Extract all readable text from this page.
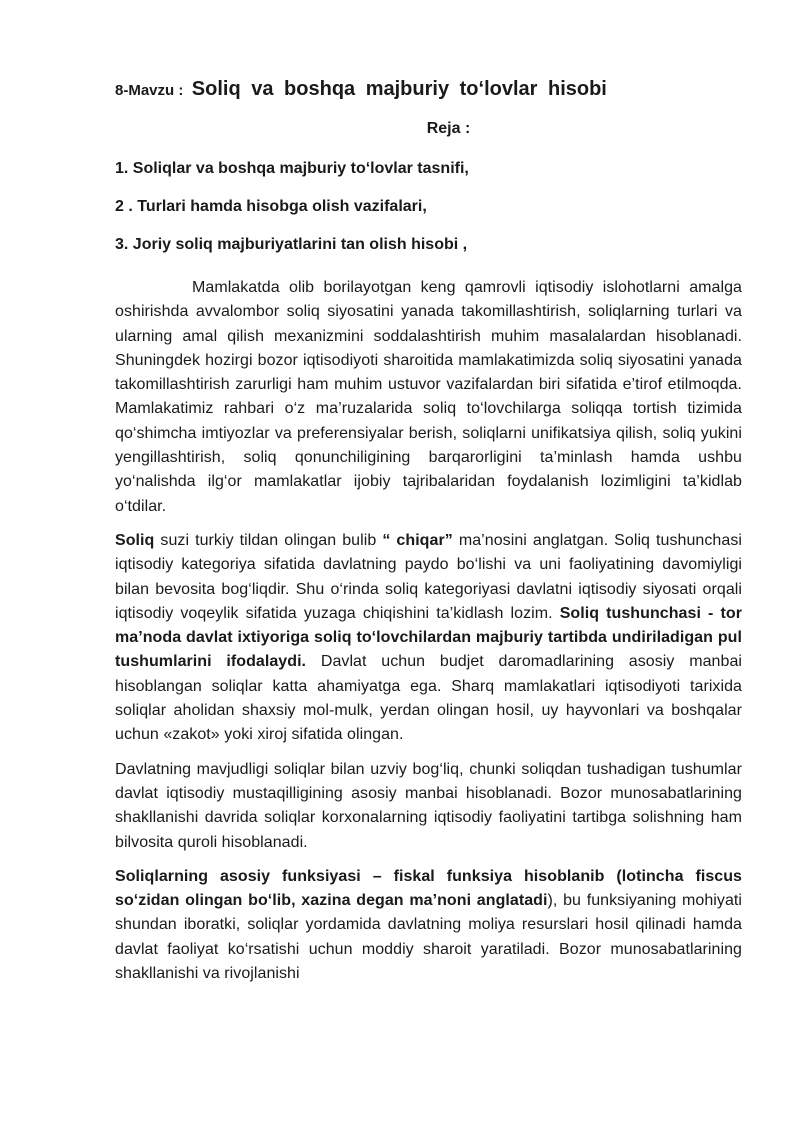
8-Mavzu : Soliq va boshqa majburiy to‘lovlar hisobi

Reja :

1. Soliqlar va boshqa majburiy to‘lovlar tasnifi,
2 . Turlari hamda hisobga olish vazifalari,
3. Joriy soliq majburiyatlarini tan olish hisobi ,

Mamlakatda olib borilayotgan keng qamrovli iqtisodiy islohotlarni amalga oshirishda avvalombor soliq siyosatini yanada takomillashtirish, soliqlarning turlari va ularning amal qilish mexanizmini soddalashtirish muhim masalalardan hisoblanadi. Shuningdek hozirgi bozor iqtisodiyoti sharoitida mamlakatimizda soliq siyosatini yanada takomillashtirish zarurligi ham muhim ustuvor vazifalardan biri sifatida e’tirof etilmoqda. Mamlakatimiz rahbari o‘z ma’ruzalarida soliq to‘lovchilarga soliqqa tortish tizimida qo‘shimcha imtiyozlar va preferensiyalar berish, soliqlarni unifikatsiya qilish, soliq yukini yengillashtirish, soliq qonunchiligining barqarorligini ta’minlash hamda ushbu yo‘nalishda ilg‘or mamlakatlar ijobiy tajribalaridan foydalanish lozimligini ta’kidlab o‘tdilar.

Soliq suzi turkiy tildan olingan bulib “ chiqar” ma’nosini anglatgan. Soliq tushunchasi iqtisodiy kategoriya sifatida davlatning paydo bo‘lishi va uni faoliyatining davomiyligi bilan bevosita bog‘liqdir. Shu o‘rinda soliq kategoriyasi davlatni iqtisodiy siyosati orqali iqtisodiy voqeylik sifatida yuzaga chiqishini ta’kidlash lozim. Soliq tushunchasi - tor ma’noda davlat ixtiyoriga soliq to‘lovchilardan majburiy tartibda undiriladigan pul tushumlarini ifodalaydi. Davlat uchun budjet daromadlarining asosiy manbai hisoblangan soliqlar katta ahamiyatga ega. Sharq mamlakatlari iqtisodiyoti tarixida soliqlar aholidan shaxsiy mol-mulk, yerdan olingan hosil, uy hayvonlari va boshqalar uchun «zakot» yoki xiroj sifatida olingan.

Davlatning mavjudligi soliqlar bilan uzviy bog‘liq, chunki soliqdan tushadigan tushumlar davlat iqtisodiy mustaqilligining asosiy manbai hisoblanadi. Bozor munosabatlarining shakllanishi davrida soliqlar korxonalarning iqtisodiy faoliyatini tartibga solishning ham bilvosita quroli hisoblanadi.

Soliqlarning asosiy funksiyasi – fiskal funksiya hisoblanib (lotincha fiscus so‘zidan olingan bo‘lib, xazina degan ma’noni anglatadi), bu funksiyaning mohiyati shundan iboratki, soliqlar yordamida davlatning moliya resurslari hosil qilinadi hamda davlat faoliyat ko‘rsatishi uchun moddiy sharoit yaratiladi. Bozor munosabatlarining shakllanishi va rivojlanishi
